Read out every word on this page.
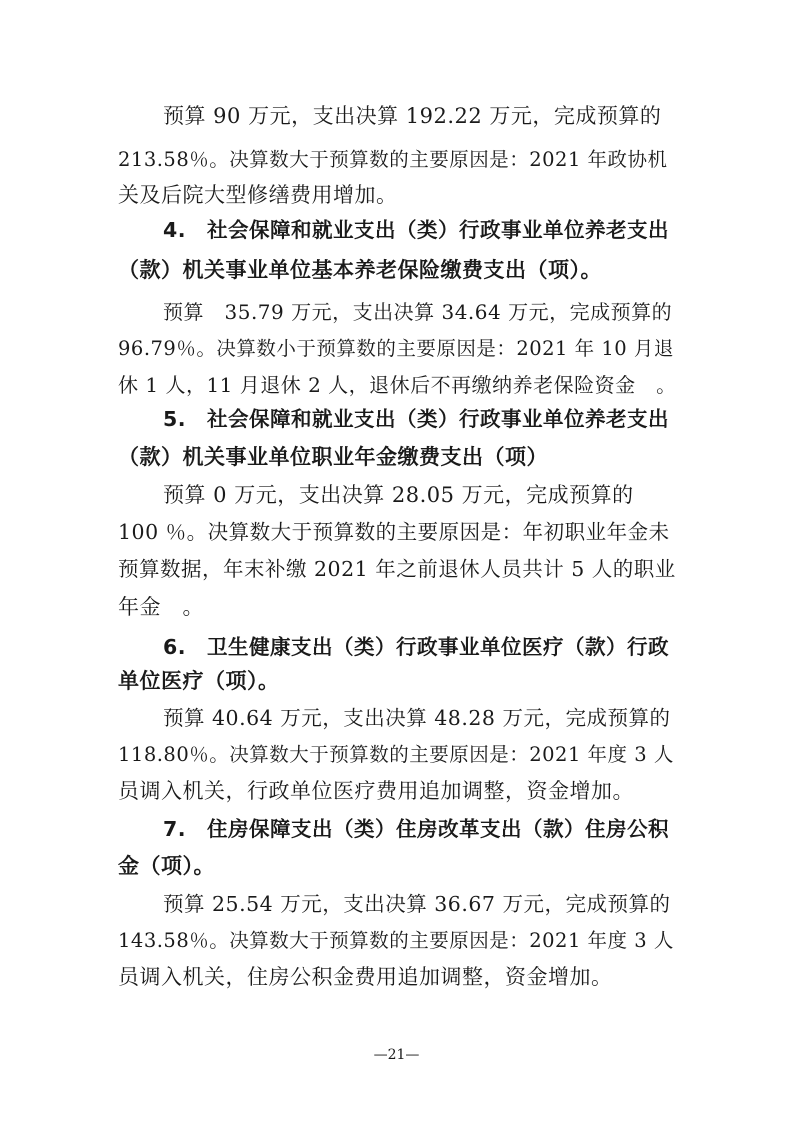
预算 90 万元，支出决算 192.22 万元，完成预算的
213.58％。决算数大于预算数的主要原因是：2021 年政协机
关及后院大型修缮费用增加。
4.　社会保障和就业支出（类）行政事业单位养老支出
（款）机关事业单位基本养老保险缴费支出（项）。
预算　35.79 万元，支出决算 34.64 万元，完成预算的
96.79％。决算数小于预算数的主要原因是：2021 年 10 月退
休 1 人，11 月退休 2 人，退休后不再缴纳养老保险资金　。
5.　社会保障和就业支出（类）行政事业单位养老支出
（款）机关事业单位职业年金缴费支出（项）
预算 0 万元，支出决算 28.05 万元，完成预算的
100 ％。决算数大于预算数的主要原因是：年初职业年金未
预算数据，年末补缴 2021 年之前退休人员共计 5 人的职业
年金　。
6.　卫生健康支出（类）行政事业单位医疗（款）行政
单位医疗（项）。
预算 40.64 万元，支出决算 48.28 万元，完成预算的
118.80％。决算数大于预算数的主要原因是：2021 年度 3 人
员调入机关，行政单位医疗费用追加调整，资金增加。
7.　住房保障支出（类）住房改革支出（款）住房公积
金（项）。
预算 25.54 万元，支出决算 36.67 万元，完成预算的
143.58％。决算数大于预算数的主要原因是：2021 年度 3 人
员调入机关，住房公积金费用追加调整，资金增加。
—21—
